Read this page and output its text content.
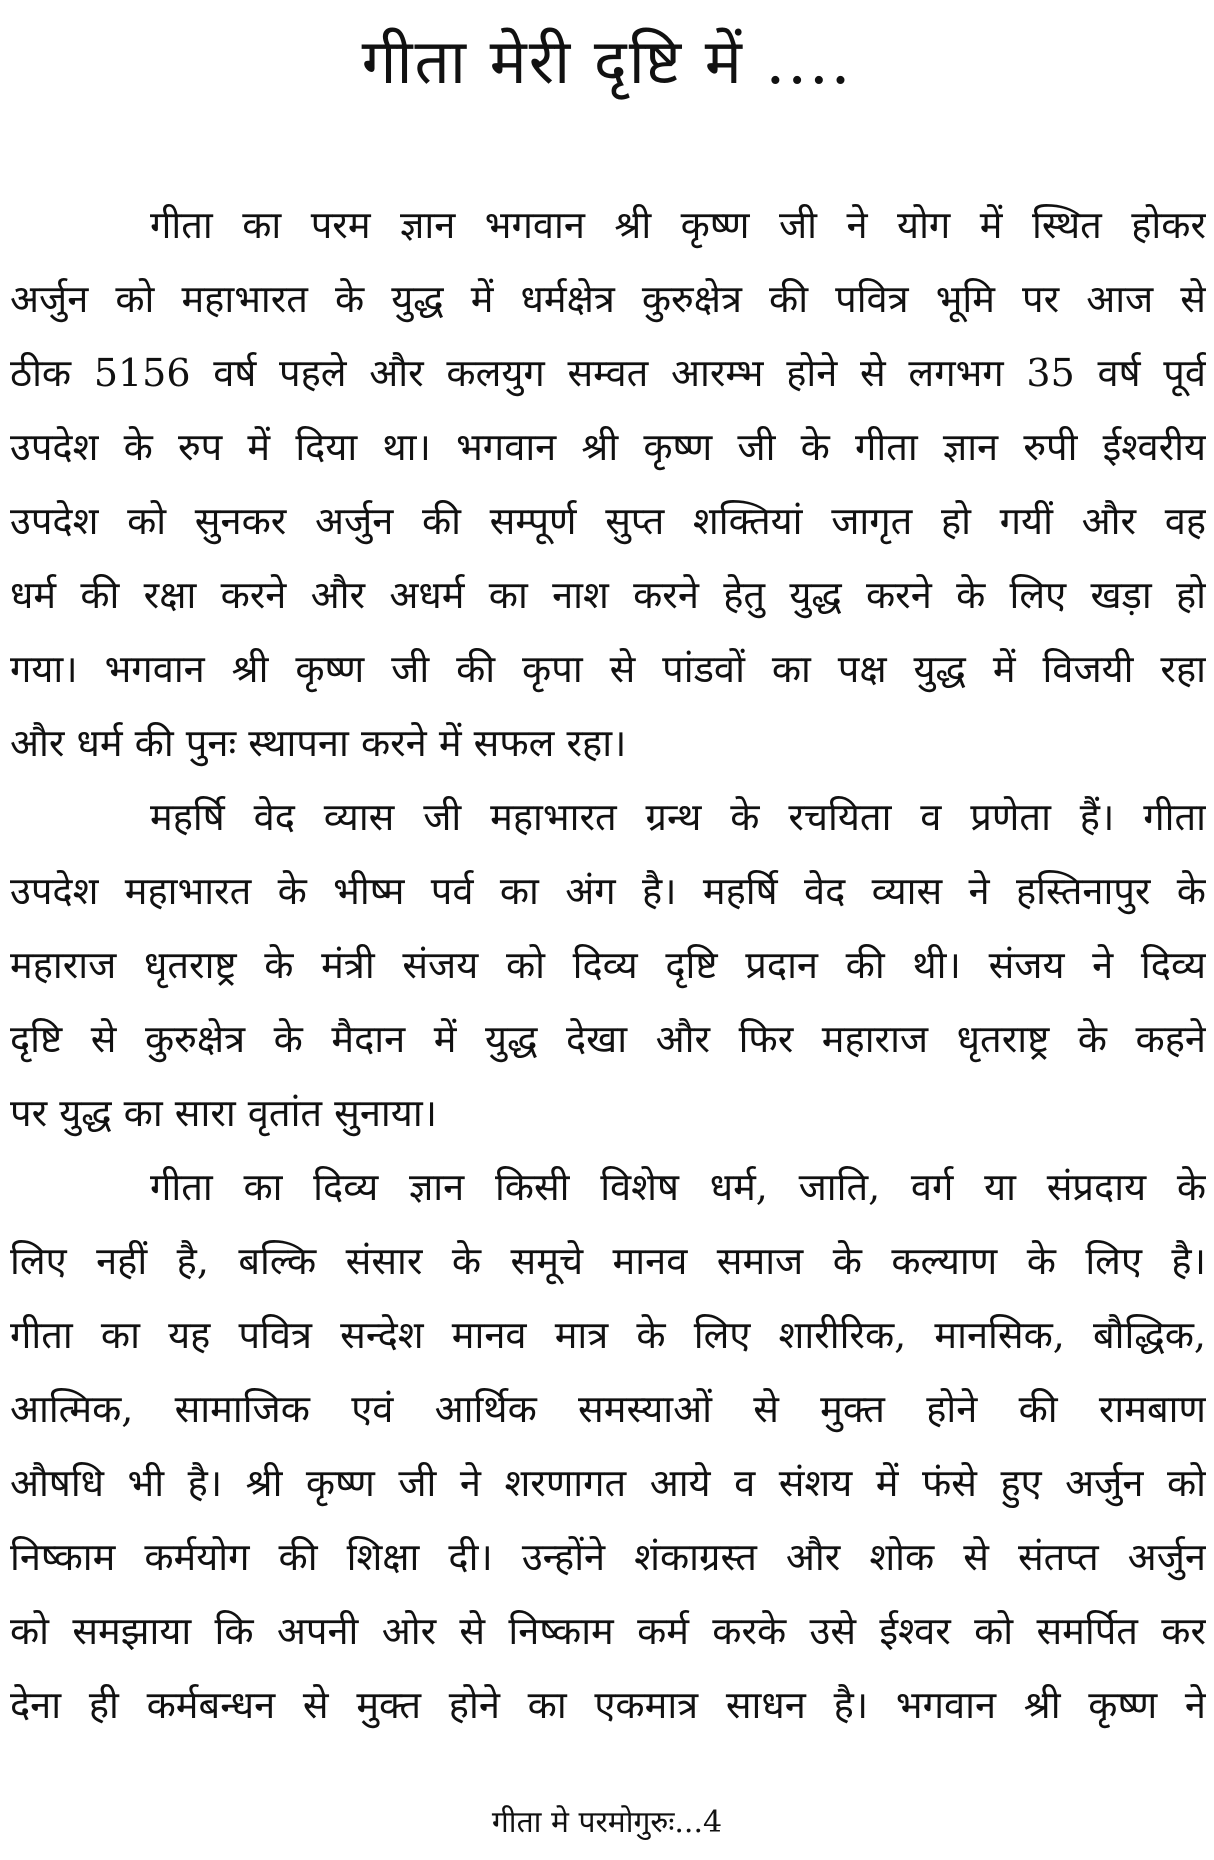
गीता मेरी दृष्टि में ....
गीता का परम ज्ञान भगवान श्री कृष्ण जी ने योग में स्थित होकर
अर्जुन को महाभारत के युद्ध में धर्मक्षेत्र कुरुक्षेत्र की पवित्र भूमि पर आज से
ठीक 5156 वर्ष पहले और कलयुग सम्वत आरम्भ होने से लगभग 35 वर्ष पूर्व
उपदेश के रुप में दिया था। भगवान श्री कृष्ण जी के गीता ज्ञान रुपी ईश्वरीय
उपदेश को सुनकर अर्जुन की सम्पूर्ण सुप्त शक्तियां जागृत हो गयीं और वह
धर्म की रक्षा करने और अधर्म का नाश करने हेतु युद्ध करने के लिए खड़ा हो
गया। भगवान श्री कृष्ण जी की कृपा से पांडवों का पक्ष युद्ध में विजयी रहा
और धर्म की पुनः स्थापना करने में सफल रहा।
महर्षि वेद व्यास जी महाभारत ग्रन्थ के रचयिता व प्रणेता हैं। गीता
उपदेश महाभारत के भीष्म पर्व का अंग है। महर्षि वेद व्यास ने हस्तिनापुर के
महाराज धृतराष्ट्र के मंत्री संजय को दिव्य दृष्टि प्रदान की थी। संजय ने दिव्य
दृष्टि से कुरुक्षेत्र के मैदान में युद्ध देखा और फिर महाराज धृतराष्ट्र के कहने
पर युद्ध का सारा वृतांत सुनाया।
गीता का दिव्य ज्ञान किसी विशेष धर्म, जाति, वर्ग या संप्रदाय के
लिए नहीं है, बल्कि संसार के समूचे मानव समाज के कल्याण के लिए है।
गीता का यह पवित्र सन्देश मानव मात्र के लिए शारीरिक, मानसिक, बौद्धिक,
आत्मिक, सामाजिक एवं आर्थिक समस्याओं से मुक्त होने की रामबाण
औषधि भी है। श्री कृष्ण जी ने शरणागत आये व संशय में फंसे हुए अर्जुन को
निष्काम कर्मयोग की शिक्षा दी। उन्होंने शंकाग्रस्त और शोक से संतप्त अर्जुन
को समझाया कि अपनी ओर से निष्काम कर्म करके उसे ईश्वर को समर्पित कर
देना ही कर्मबन्धन से मुक्त होने का एकमात्र साधन है। भगवान श्री कृष्ण ने
गीता मे परमोगुरुः...4
